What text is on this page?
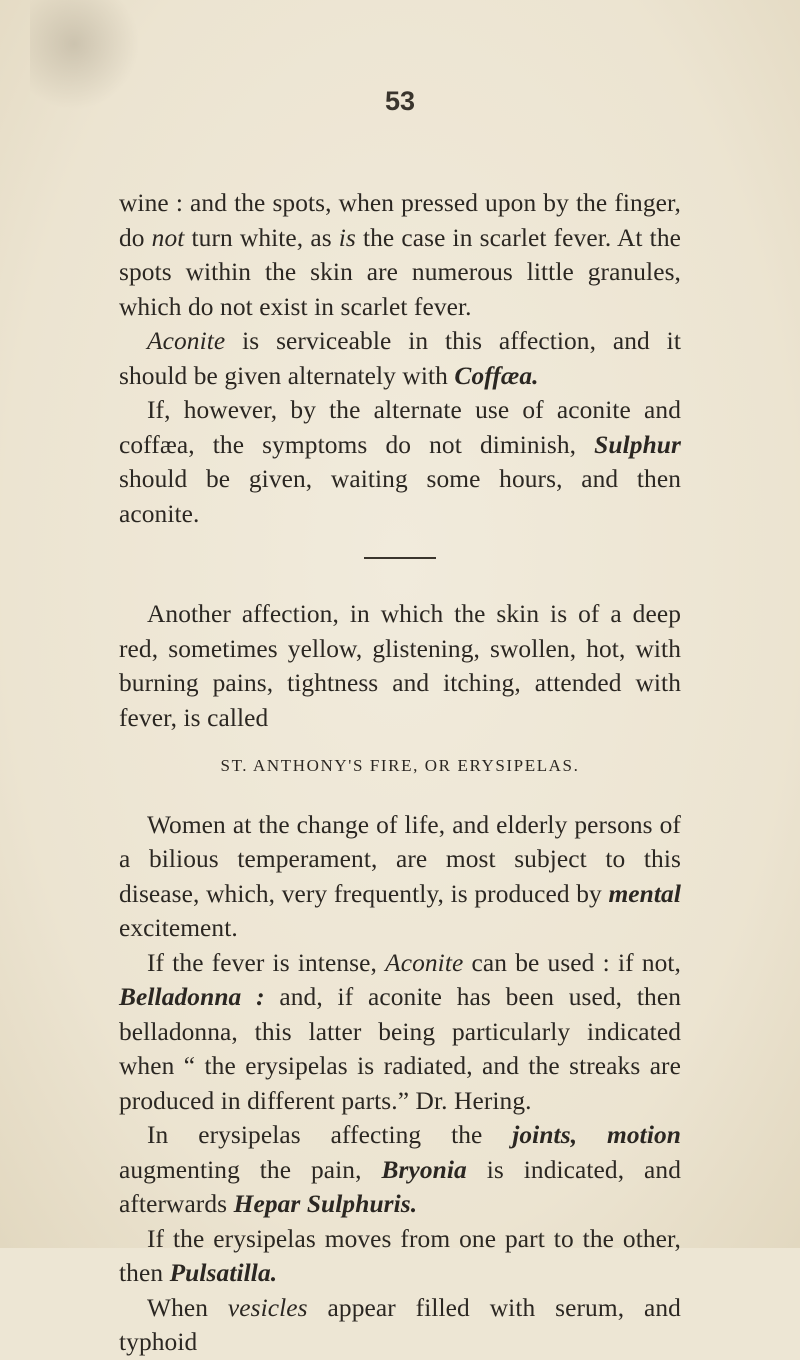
53

wine : and the spots, when pressed upon by the finger, do not turn white, as is the case in scarlet fever. At the spots within the skin are numerous little granules, which do not exist in scarlet fever.

Aconite is serviceable in this affection, and it should be given alternately with Coffæa.

If, however, by the alternate use of aconite and coffæa, the symptoms do not diminish, Sulphur should be given, waiting some hours, and then aconite.

Another affection, in which the skin is of a deep red, sometimes yellow, glistening, swollen, hot, with burning pains, tightness and itching, attended with fever, is called

ST. ANTHONY'S FIRE, OR ERYSIPELAS.

Women at the change of life, and elderly persons of a bilious temperament, are most subject to this disease, which, very frequently, is produced by mental excitement.

If the fever is intense, Aconite can be used : if not, Belladonna : and, if aconite has been used, then belladonna, this latter being particularly indicated when “ the erysipelas is radiated, and the streaks are produced in different parts.” Dr. Hering.

In erysipelas affecting the joints, motion augmenting the pain, Bryonia is indicated, and afterwards Hepar Sulphuris.

If the erysipelas moves from one part to the other, then Pulsatilla.

When vesicles appear filled with serum, and typhoid
